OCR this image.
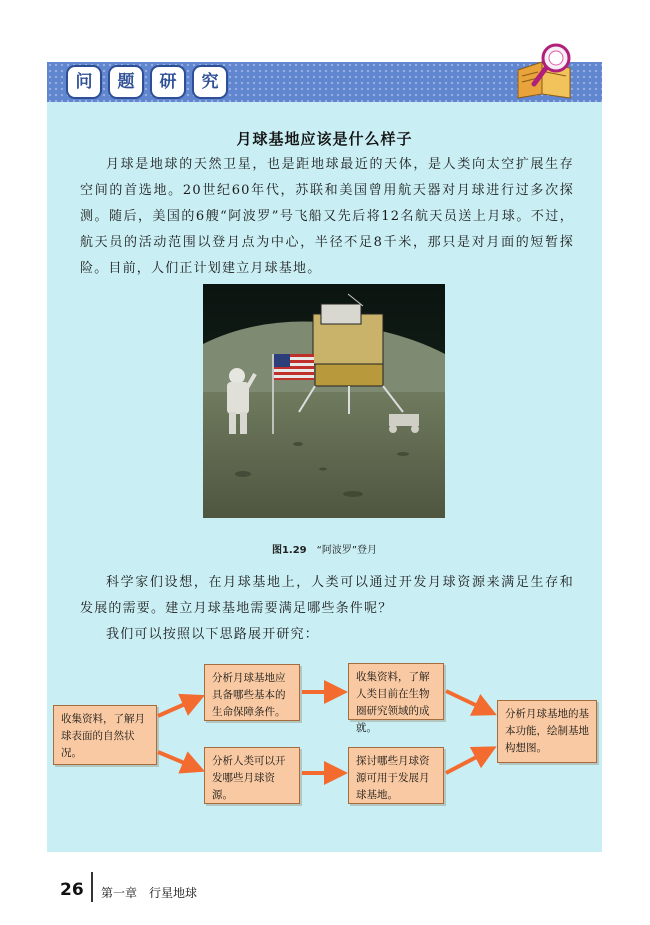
问	题	研	究
月球基地应该是什么样子

月球是地球的天然卫星，也是距地球最近的天体，是人类向太空扩展生存空间的首选地。20世纪60年代，苏联和美国曾用航天器对月球进行过多次探测。随后，美国的6艘“阿波罗”号飞船又先后将12名航天员送上月球。不过，航天员的活动范围以登月点为中心，半径不足8千米，那只是对月面的短暂探险。目前，人们正计划建立月球基地。

图1.29 “阿波罗”登月

科学家们设想，在月球基地上，人类可以通过开发月球资源来满足生存和发展的需要。建立月球基地需要满足哪些条件呢？

我们可以按照以下思路展开研究：

收集资料，了解月球表面的自然状况。
分析月球基地应具备哪些基本的生命保障条件。
收集资料，了解人类目前在生物圈研究领域的成就。
分析人类可以开发哪些月球资源。
探讨哪些月球资源可用于发展月球基地。
分析月球基地的基本功能，绘制基地构想图。
26 第一章　行星地球
